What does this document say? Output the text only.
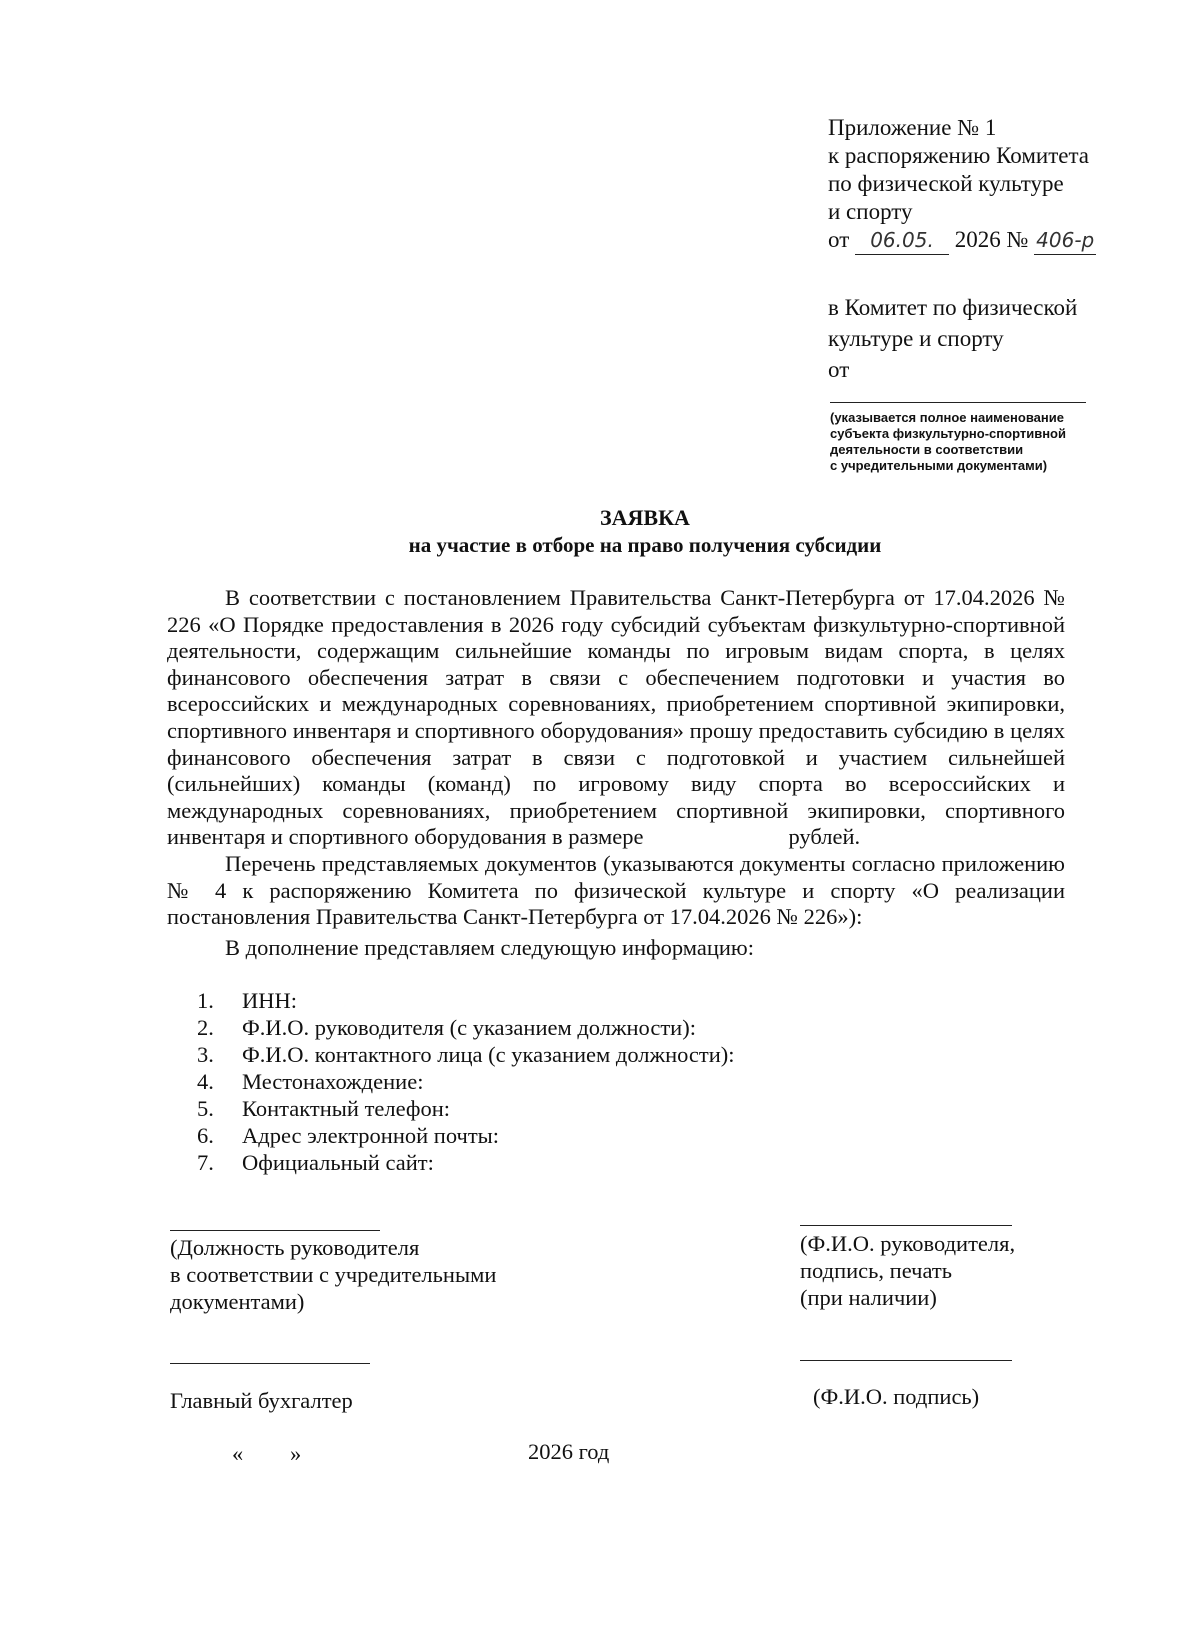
Приложение № 1
к распоряжению Комитета
по физической культуре
и спорту
от 06.05. 2026 № 406-р
в Комитет по физической
культуре и спорту
от
(указывается полное наименование
субъекта физкультурно-спортивной
деятельности в соответствии
с учредительными документами)
ЗАЯВКА
на участие в отборе на право получения субсидии

В соответствии с постановлением Правительства Санкт-Петербурга от 17.04.2026 № 226 «О Порядке предоставления в 2026 году субсидий субъектам физкультурно-спортивной деятельности, содержащим сильнейшие команды по игровым видам спорта, в целях финансового обеспечения затрат в связи с обеспечением подготовки и участия во всероссийских и международных соревнованиях, приобретением спортивной экипировки, спортивного инвентаря и спортивного оборудования» прошу предоставить субсидию в целях финансового обеспечения затрат в связи с подготовкой и участием сильнейшей (сильнейших) команды (команд) по игровому виду спорта во всероссийских и международных соревнованиях, приобретением спортивной экипировки, спортивного инвентаря и спортивного оборудования в размере	рублей.

Перечень представляемых документов (указываются документы согласно приложению № 4 к распоряжению Комитета по физической культуре и спорту «О реализации постановления Правительства Санкт-Петербурга от 17.04.2026 № 226»):

В дополнение представляем следующую информацию:

1. ИНН:
2. Ф.И.О. руководителя (с указанием должности):
3. Ф.И.О. контактного лица (с указанием должности):
4. Местонахождение:
5. Контактный телефон:
6. Адрес электронной почты:
7. Официальный сайт:
(Должность руководителя
в соответствии с учредительными
документами)
(Ф.И.О. руководителя,
подпись, печать
(при наличии)
Главный бухгалтер	(Ф.И.О. подпись)
« »	2026 год
